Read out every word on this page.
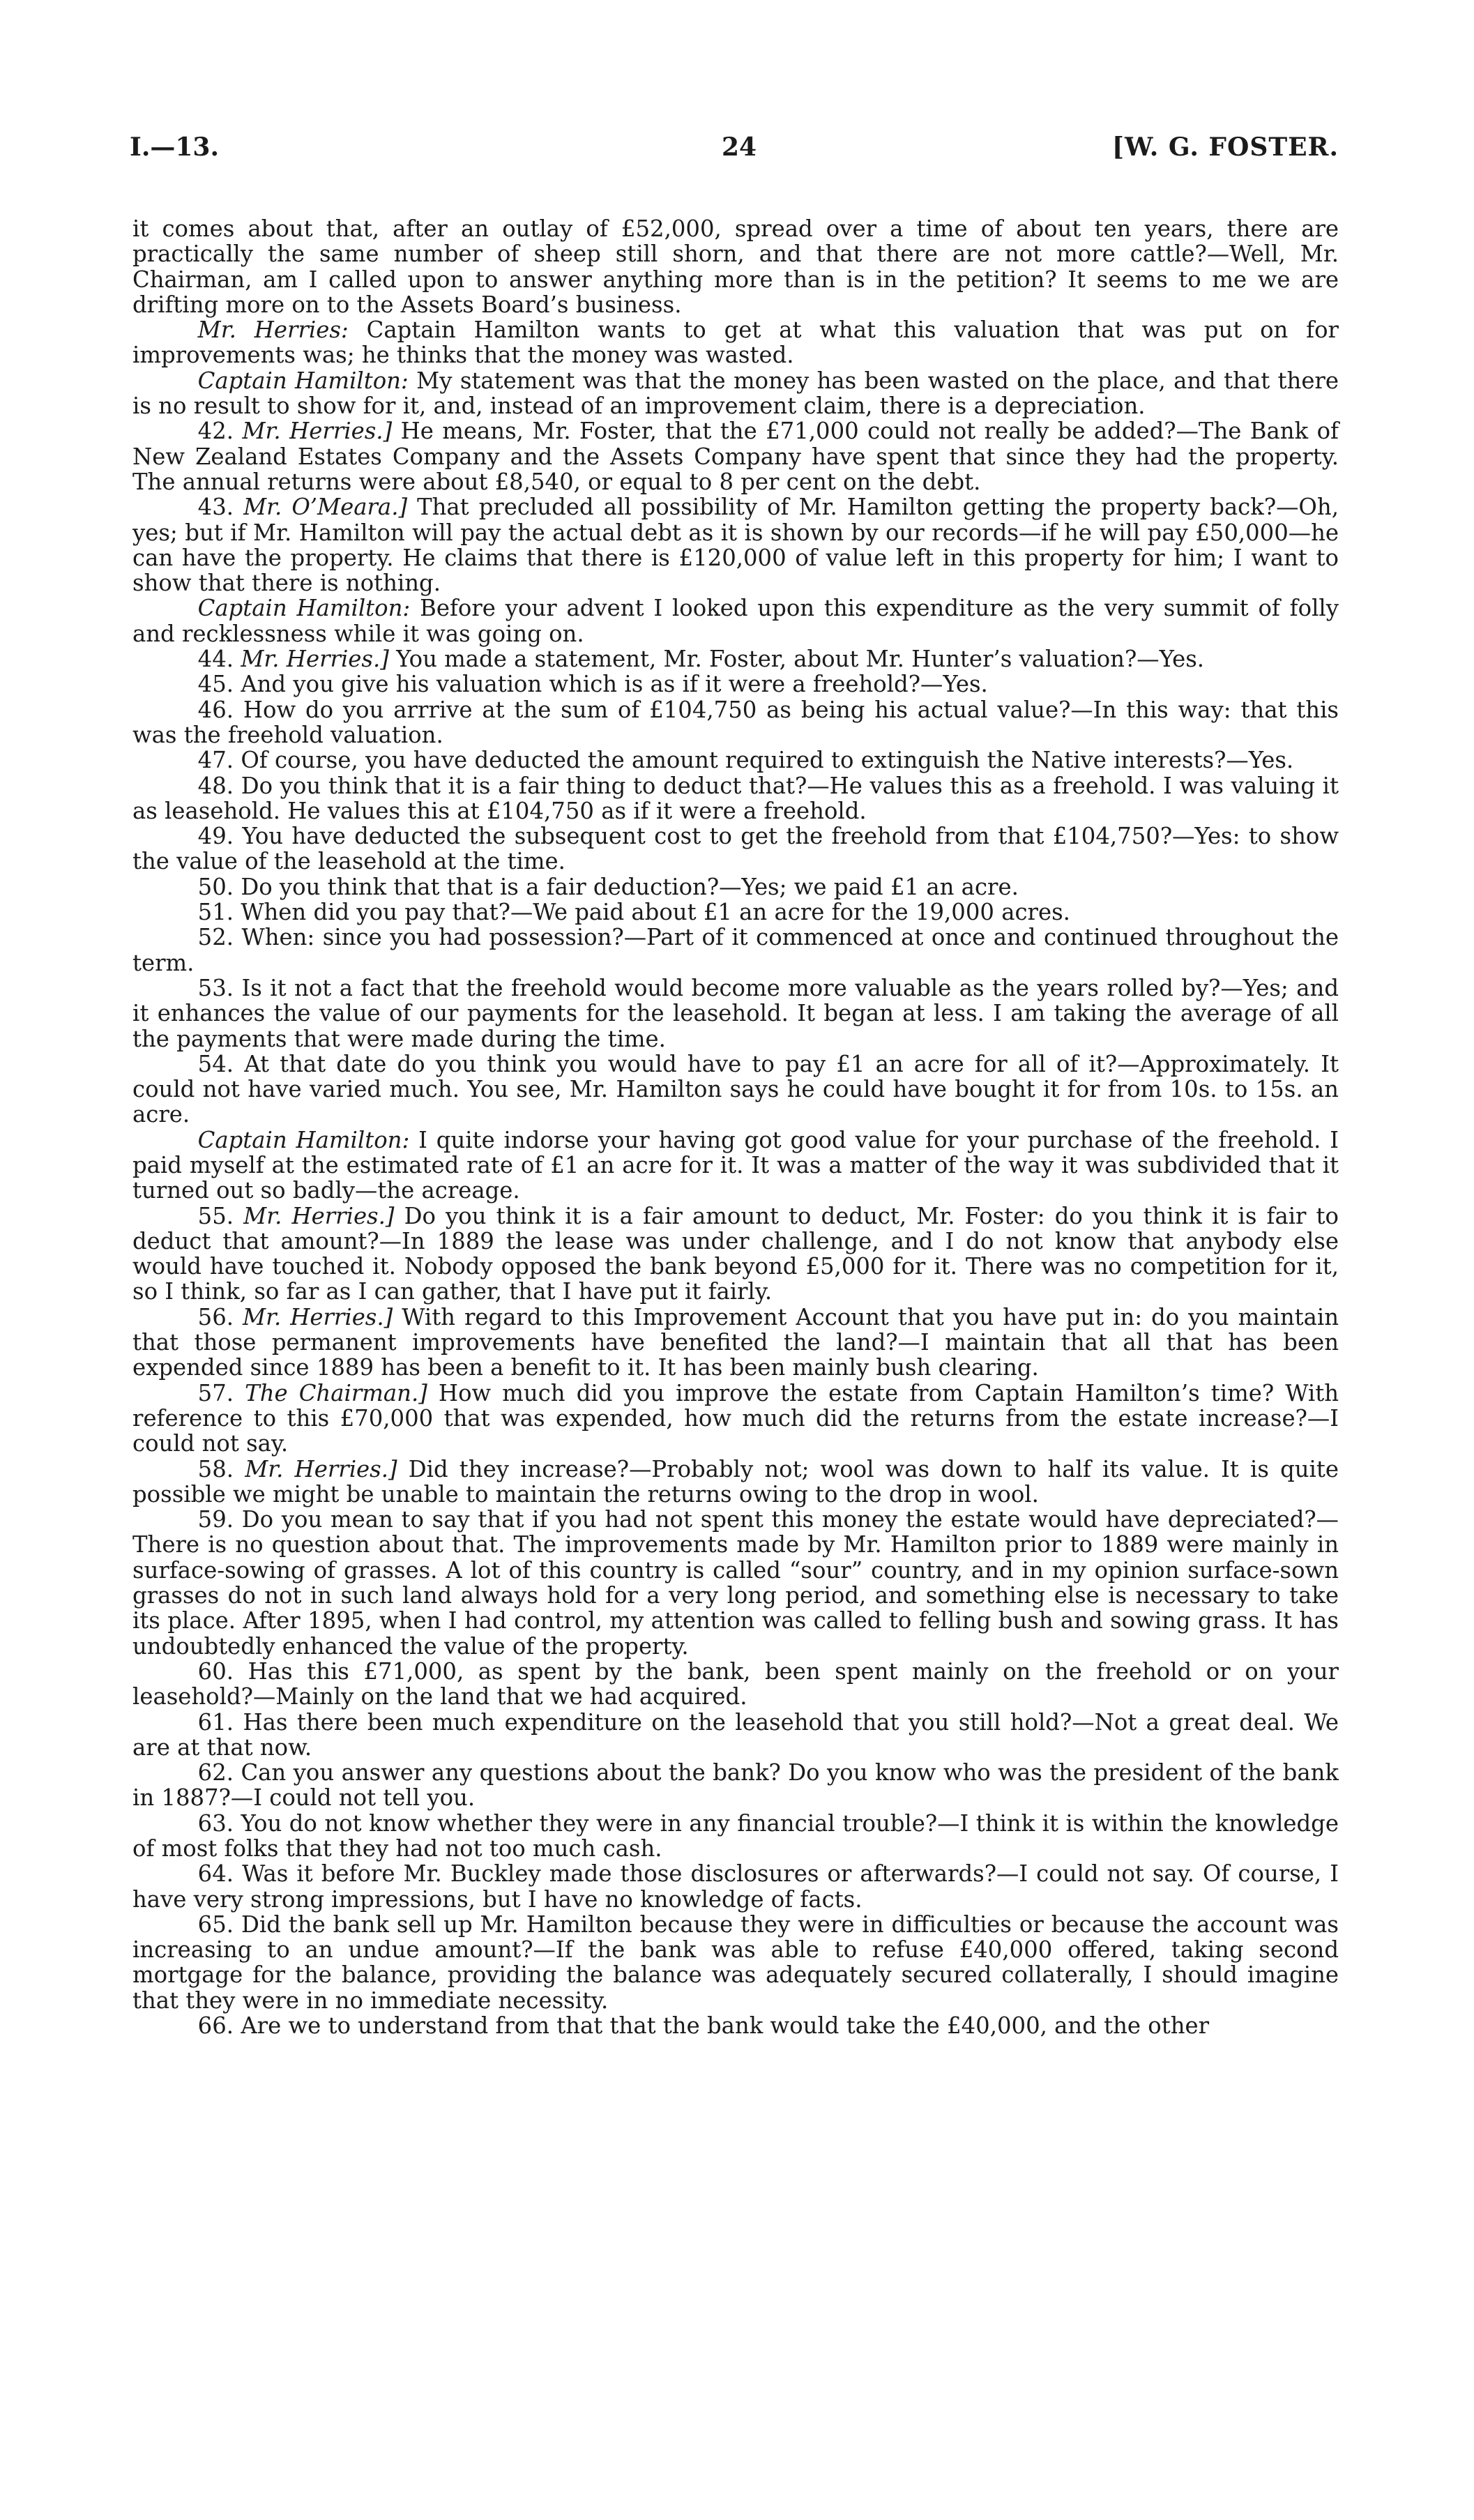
I.—13.	24	[W. G. FOSTER.

it comes about that, after an outlay of £52,000, spread over a time of about ten years, there are practically the same number of sheep still shorn, and that there are not more cattle?—Well, Mr. Chairman, am I called upon to answer anything more than is in the petition? It seems to me we are drifting more on to the Assets Board’s business.

Mr. Herries: Captain Hamilton wants to get at what this valuation that was put on for improvements was; he thinks that the money was wasted.

Captain Hamilton: My statement was that the money has been wasted on the place, and that there is no result to show for it, and, instead of an improvement claim, there is a depreciation.

42. Mr. Herries.] He means, Mr. Foster, that the £71,000 could not really be added?—The Bank of New Zealand Estates Company and the Assets Company have spent that since they had the property. The annual returns were about £8,540, or equal to 8 per cent on the debt.

43. Mr. O’Meara.] That precluded all possibility of Mr. Hamilton getting the property back?—Oh, yes; but if Mr. Hamilton will pay the actual debt as it is shown by our records—if he will pay £50,000—he can have the property. He claims that there is £120,000 of value left in this property for him; I want to show that there is nothing.

Captain Hamilton: Before your advent I looked upon this expenditure as the very summit of folly and recklessness while it was going on.

44. Mr. Herries.] You made a statement, Mr. Foster, about Mr. Hunter’s valuation?—Yes.

45. And you give his valuation which is as if it were a freehold?—Yes.

46. How do you arrrive at the sum of £104,750 as being his actual value?—In this way: that this was the freehold valuation.

47. Of course, you have deducted the amount required to extinguish the Native interests?—Yes.

48. Do you think that it is a fair thing to deduct that?—He values this as a freehold. I was valuing it as leasehold. He values this at £104,750 as if it were a freehold.

49. You have deducted the subsequent cost to get the freehold from that £104,750?—Yes: to show the value of the leasehold at the time.

50. Do you think that that is a fair deduction?—Yes; we paid £1 an acre.

51. When did you pay that?—We paid about £1 an acre for the 19,000 acres.

52. When: since you had possession?—Part of it commenced at once and continued throughout the term.

53. Is it not a fact that the freehold would become more valuable as the years rolled by?—Yes; and it enhances the value of our payments for the leasehold. It began at less. I am taking the average of all the payments that were made during the time.

54. At that date do you think you would have to pay £1 an acre for all of it?—Approximately. It could not have varied much. You see, Mr. Hamilton says he could have bought it for from 10s. to 15s. an acre.

Captain Hamilton: I quite indorse your having got good value for your purchase of the freehold. I paid myself at the estimated rate of £1 an acre for it. It was a matter of the way it was subdivided that it turned out so badly—the acreage.

55. Mr. Herries.] Do you think it is a fair amount to deduct, Mr. Foster: do you think it is fair to deduct that amount?—In 1889 the lease was under challenge, and I do not know that anybody else would have touched it. Nobody opposed the bank beyond £5,000 for it. There was no competition for it, so I think, so far as I can gather, that I have put it fairly.

56. Mr. Herries.] With regard to this Improvement Account that you have put in: do you maintain that those permanent improvements have benefited the land?—I maintain that all that has been expended since 1889 has been a benefit to it. It has been mainly bush clearing.

57. The Chairman.] How much did you improve the estate from Captain Hamilton’s time? With reference to this £70,000 that was expended, how much did the returns from the estate increase?—I could not say.

58. Mr. Herries.] Did they increase?—Probably not; wool was down to half its value. It is quite possible we might be unable to maintain the returns owing to the drop in wool.

59. Do you mean to say that if you had not spent this money the estate would have depreciated?—There is no question about that. The improvements made by Mr. Hamilton prior to 1889 were mainly in surface-sowing of grasses. A lot of this country is called “sour” country, and in my opinion surface-sown grasses do not in such land always hold for a very long period, and something else is necessary to take its place. After 1895, when I had control, my attention was called to felling bush and sowing grass. It has undoubtedly enhanced the value of the property.

60. Has this £71,000, as spent by the bank, been spent mainly on the freehold or on your leasehold?—Mainly on the land that we had acquired.

61. Has there been much expenditure on the leasehold that you still hold?—Not a great deal. We are at that now.

62. Can you answer any questions about the bank? Do you know who was the president of the bank in 1887?—I could not tell you.

63. You do not know whether they were in any financial trouble?—I think it is within the knowledge of most folks that they had not too much cash.

64. Was it before Mr. Buckley made those disclosures or afterwards?—I could not say. Of course, I have very strong impressions, but I have no knowledge of facts.

65. Did the bank sell up Mr. Hamilton because they were in difficulties or because the account was increasing to an undue amount?—If the bank was able to refuse £40,000 offered, taking second mortgage for the balance, providing the balance was adequately secured collaterally, I should imagine that they were in no immediate necessity.

66. Are we to understand from that that the bank would take the £40,000, and the other
